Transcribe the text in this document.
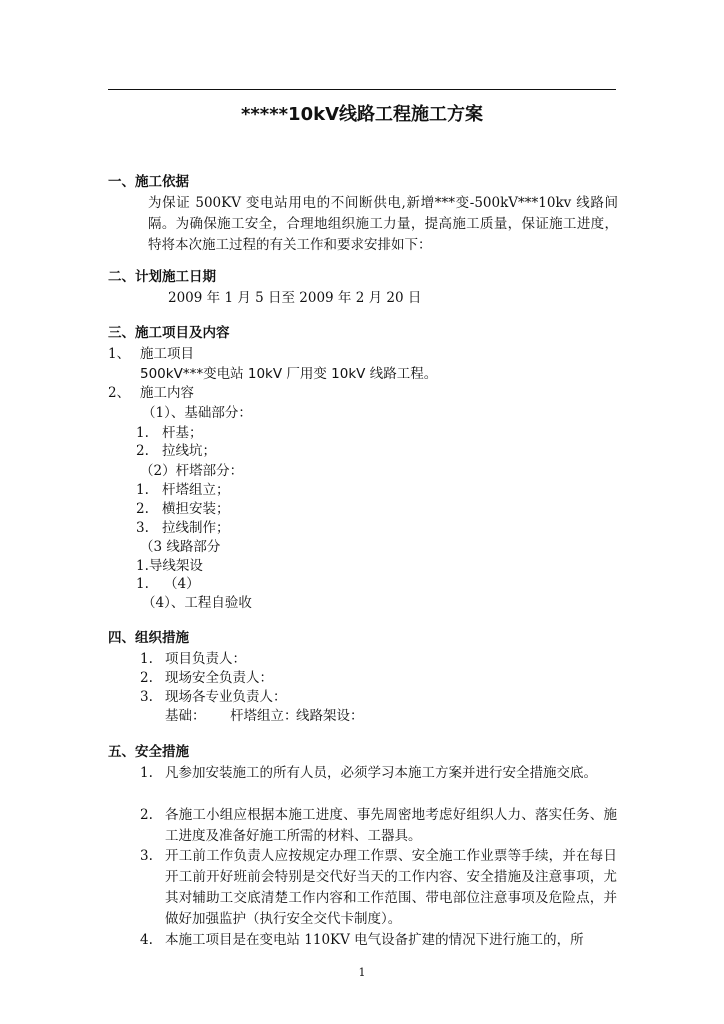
*****10kV线路工程施工方案
一、施工依据
为保证 500KV 变电站用电的不间断供电,新增***变-500kV***10kv 线路间隔。为确保施工安全，合理地组织施工力量，提高施工质量，保证施工进度，特将本次施工过程的有关工作和要求安排如下：
二、计划施工日期
2009 年 1 月 5 日至 2009 年 2 月 20 日
三、施工项目及内容
1、 施工项目
500kV***变电站 10kV 厂用变 10kV 线路工程。
2、 施工内容
（1）、基础部分：
1. 杆基；
2. 拉线坑；
（2）杆塔部分：
1. 杆塔组立；
2. 横担安装；
3. 拉线制作；
（3 线路部分
1.导线架设
1. （4）
（4）、工程自验收
四、组织措施
1. 项目负责人：
2. 现场安全负责人：
3. 现场各专业负责人：
基础： 杆塔组立：
线路架设：
五、安全措施
1. 凡参加安装施工的所有人员，必须学习本施工方案并进行安全措施交底。
2. 各施工小组应根据本施工进度、事先周密地考虑好组织人力、落实任务、施工进度及准备好施工所需的材料、工器具。
3. 开工前工作负责人应按规定办理工作票、安全施工作业票等手续，并在每日开工前开好班前会特别是交代好当天的工作内容、安全措施及注意事项，尤其对辅助工交底清楚工作内容和工作范围、带电部位注意事项及危险点，并做好加强监护（执行安全交代卡制度）。
4. 本施工项目是在变电站 110KV 电气设备扩建的情况下进行施工的，所
1
